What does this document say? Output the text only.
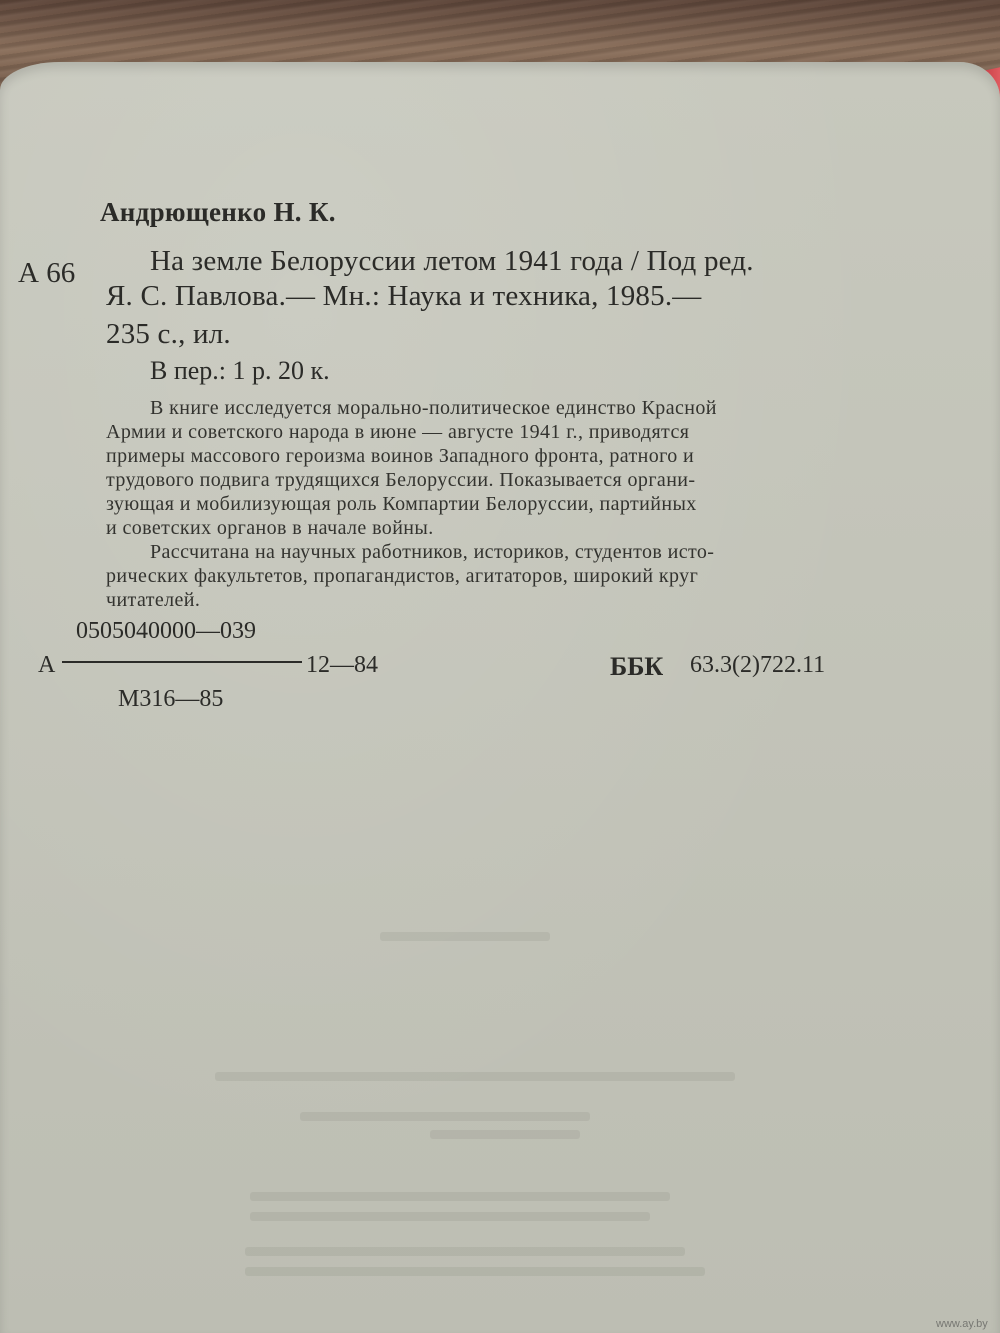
Андрющенко Н. К.
А 66	На земле Белоруссии летом 1941 года / Под ред.
Я. С. Павлова.— Мн.: Наука и техника, 1985.—
235 с., ил.
В пер.: 1 р. 20 к.
В книге исследуется морально-политическое единство Красной
Армии и советского народа в июне — августе 1941 г., приводятся
примеры массового героизма воинов Западного фронта, ратного и
трудового подвига трудящихся Белоруссии. Показывается органи-
зующая и мобилизующая роль Компартии Белоруссии, партийных
и советских органов в начале войны.
Рассчитана на научных работников, историков, студентов исто-
рических факультетов, пропагандистов, агитаторов, широкий круг
читателей.
0505040000—039
А	12—84
М316—85
ББК 63.3(2)722.11
www.ay.by
